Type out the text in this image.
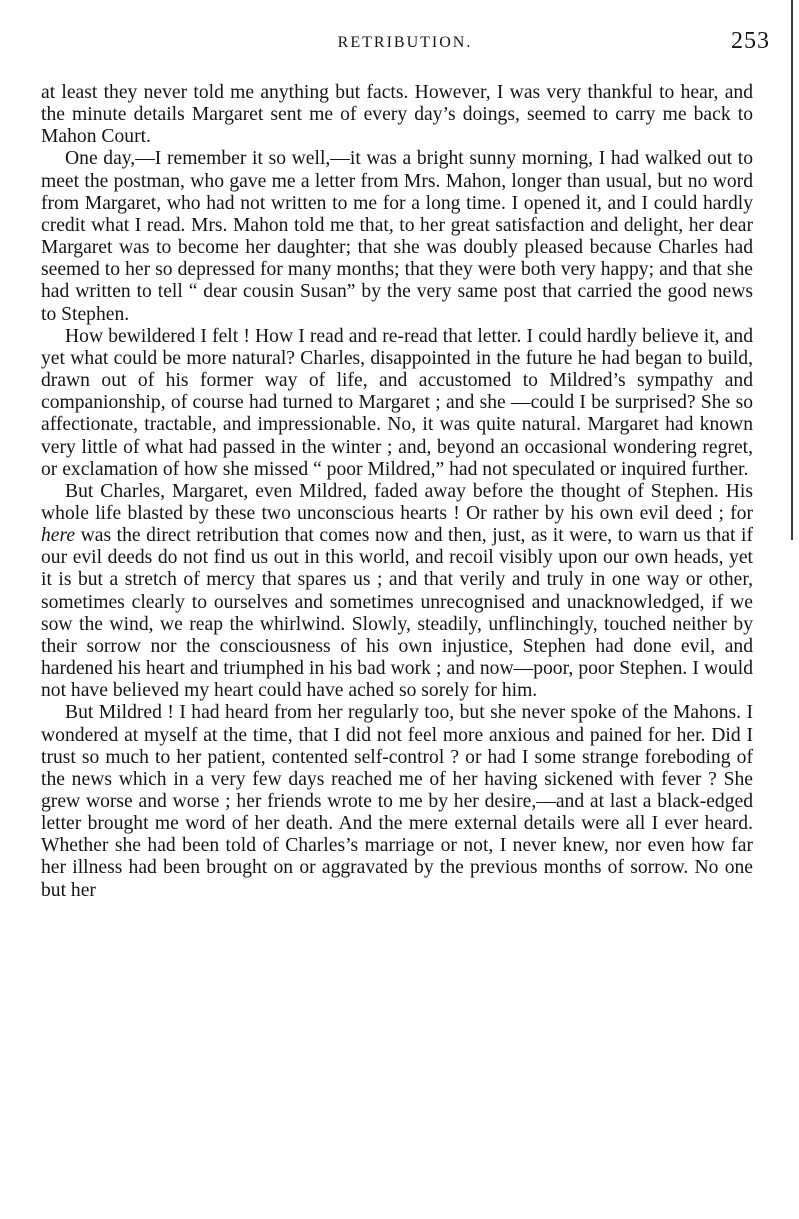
RETRIBUTION.	253

at least they never told me anything but facts. However, I was very thankful to hear, and the minute details Margaret sent me of every day’s doings, seemed to carry me back to Mahon Court.

One day,—I remember it so well,—it was a bright sunny morning, I had walked out to meet the postman, who gave me a letter from Mrs. Mahon, longer than usual, but no word from Margaret, who had not written to me for a long time. I opened it, and I could hardly credit what I read. Mrs. Mahon told me that, to her great satisfaction and delight, her dear Margaret was to become her daughter; that she was doubly pleased because Charles had seemed to her so depressed for many months; that they were both very happy; and that she had written to tell “ dear cousin Susan” by the very same post that carried the good news to Stephen.

How bewildered I felt ! How I read and re-read that letter. I could hardly believe it, and yet what could be more natural? Charles, disappointed in the future he had began to build, drawn out of his former way of life, and accustomed to Mildred’s sympathy and companionship, of course had turned to Margaret ; and she —could I be surprised? She so affectionate, tractable, and impressionable. No, it was quite natural. Margaret had known very little of what had passed in the winter ; and, beyond an occasional wondering regret, or exclamation of how she missed “ poor Mildred,” had not speculated or inquired further.

But Charles, Margaret, even Mildred, faded away before the thought of Stephen. His whole life blasted by these two unconscious hearts ! Or rather by his own evil deed ; for here was the direct retribution that comes now and then, just, as it were, to warn us that if our evil deeds do not find us out in this world, and recoil visibly upon our own heads, yet it is but a stretch of mercy that spares us ; and that verily and truly in one way or other, sometimes clearly to ourselves and sometimes unrecognised and unacknowledged, if we sow the wind, we reap the whirlwind. Slowly, steadily, unflinchingly, touched neither by their sorrow nor the consciousness of his own injustice, Stephen had done evil, and hardened his heart and triumphed in his bad work ; and now—poor, poor Stephen. I would not have believed my heart could have ached so sorely for him.

But Mildred ! I had heard from her regularly too, but she never spoke of the Mahons. I wondered at myself at the time, that I did not feel more anxious and pained for her. Did I trust so much to her patient, contented self-control ? or had I some strange foreboding of the news which in a very few days reached me of her having sickened with fever ? She grew worse and worse ; her friends wrote to me by her desire,—and at last a black-edged letter brought me word of her death. And the mere external details were all I ever heard. Whether she had been told of Charles’s marriage or not, I never knew, nor even how far her illness had been brought on or aggravated by the previous months of sorrow. No one but her
